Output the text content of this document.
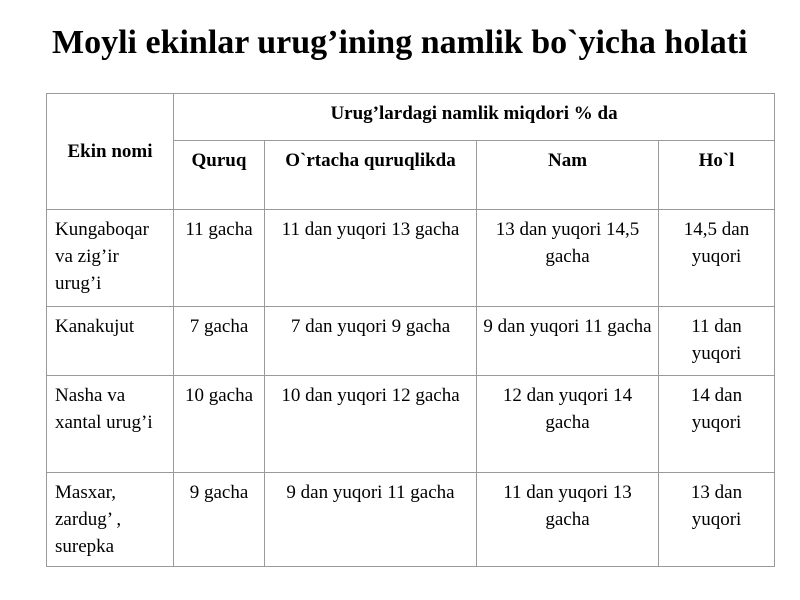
Moyli ekinlar urug’ining namlik bo`yicha holati
Ekin nomi	Urug’lardagi namlik miqdori % da			
	Quruq	O`rtacha quruqlikda	Nam	Ho`l
Kungaboqar va zig’ir urug’i	11 gacha	11 dan yuqori 13 gacha	13 dan yuqori 14,5 gacha	14,5 dan yuqori
Kanakujut	7 gacha	7 dan yuqori 9 gacha	9 dan yuqori 11 gacha	11 dan yuqori
Nasha va xantal urug’i	10 gacha	10 dan yuqori 12 gacha	12 dan yuqori 14 gacha	14 dan yuqori
Masxar, zardug’ , surepka	9 gacha	9 dan yuqori 11 gacha	11 dan yuqori 13 gacha	13 dan yuqori
